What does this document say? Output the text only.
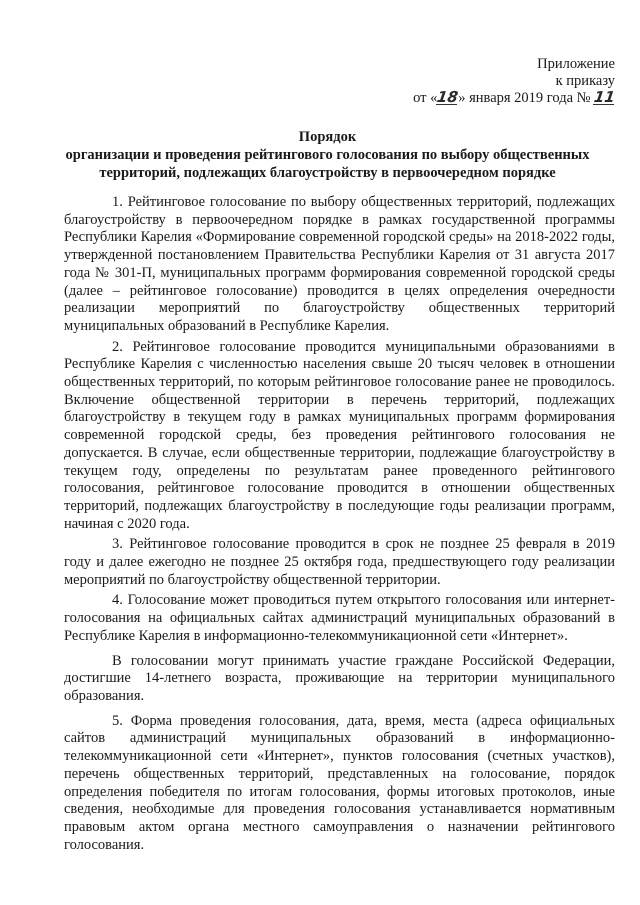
Приложение
к приказу
от «18» января 2019 года № 11
Порядок
организации и проведения рейтингового голосования по выбору общественных территорий, подлежащих благоустройству в первоочередном порядке

1. Рейтинговое голосование по выбору общественных территорий, подлежащих благоустройству в первоочередном порядке в рамках государственной программы Республики Карелия «Формирование современной городской среды» на 2018-2022 годы, утвержденной постановлением Правительства Республики Карелия от 31 августа 2017 года № 301-П, муниципальных программ формирования современной городской среды (далее – рейтинговое голосование) проводится в целях определения очередности реализации мероприятий по благоустройству общественных территорий муниципальных образований в Республике Карелия.

2. Рейтинговое голосование проводится муниципальными образованиями в Республике Карелия с численностью населения свыше 20 тысяч человек в отношении общественных территорий, по которым рейтинговое голосование ранее не проводилось. Включение общественной территории в перечень территорий, подлежащих благоустройству в текущем году в рамках муниципальных программ формирования современной городской среды, без проведения рейтингового голосования не допускается. В случае, если общественные территории, подлежащие благоустройству в текущем году, определены по результатам ранее проведенного рейтингового голосования, рейтинговое голосование проводится в отношении общественных территорий, подлежащих благоустройству в последующие годы реализации программ, начиная с 2020 года.

3. Рейтинговое голосование проводится в срок не позднее 25 февраля в 2019 году и далее ежегодно не позднее 25 октября года, предшествующего году реализации мероприятий по благоустройству общественной территории.

4. Голосование может проводиться путем открытого голосования или интернет-голосования на официальных сайтах администраций муниципальных образований в Республике Карелия в информационно-телекоммуникационной сети «Интернет».

В голосовании могут принимать участие граждане Российской Федерации, достигшие 14-летнего возраста, проживающие на территории муниципального образования.

5. Форма проведения голосования, дата, время, места (адреса официальных сайтов администраций муниципальных образований в информационно-телекоммуникационной сети «Интернет», пунктов голосования (счетных участков), перечень общественных территорий, представленных на голосование, порядок определения победителя по итогам голосования, формы итоговых протоколов, иные сведения, необходимые для проведения голосования устанавливается нормативным правовым актом органа местного самоуправления о назначении рейтингового голосования.
